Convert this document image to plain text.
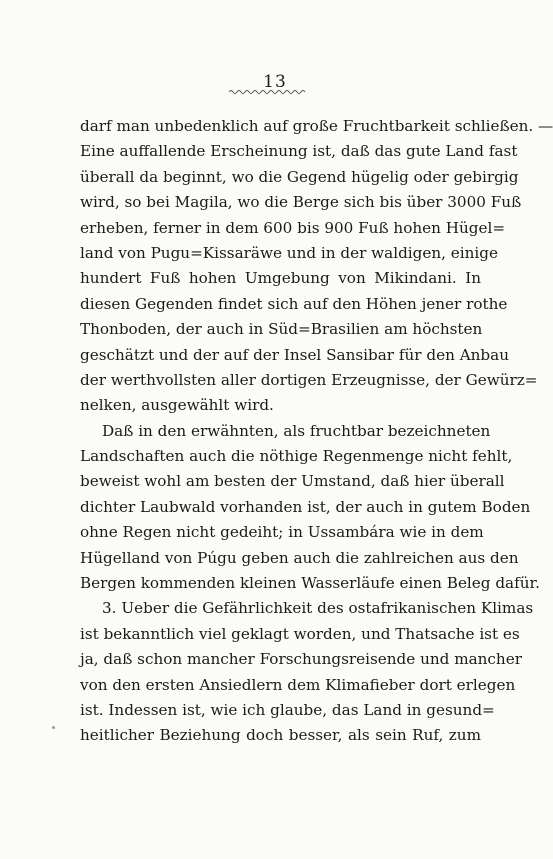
13
darf man unbedenklich auf große Fruchtbarkeit schließen. —
Eine auffallende Erscheinung ist, daß das gute Land fast
überall da beginnt, wo die Gegend hügelig oder gebirgig
wird, so bei Magila, wo die Berge sich bis über 3000 Fuß
erheben, ferner in dem 600 bis 900 Fuß hohen Hügel=
land von Pugu=Kissaräwe und in der waldigen, einige
hundert Fuß hohen Umgebung von Mikindani. In
diesen Gegenden findet sich auf den Höhen jener rothe
Thonboden, der auch in Süd=Brasilien am höchsten
geschätzt und der auf der Insel Sansibar für den Anbau
der werthvollsten aller dortigen Erzeugnisse, der Gewürz=
nelken, ausgewählt wird.
Daß in den erwähnten, als fruchtbar bezeichneten
Landschaften auch die nöthige Regenmenge nicht fehlt,
beweist wohl am besten der Umstand, daß hier überall
dichter Laubwald vorhanden ist, der auch in gutem Boden
ohne Regen nicht gedeiht; in Ussambára wie in dem
Hügelland von Púgu geben auch die zahlreichen aus den
Bergen kommenden kleinen Wasserläufe einen Beleg dafür.
3. Ueber die Gefährlichkeit des ostafrikanischen Klimas
ist bekanntlich viel geklagt worden, und Thatsache ist es
ja, daß schon mancher Forschungsreisende und mancher
von den ersten Ansiedlern dem Klimafieber dort erlegen
ist. Indessen ist, wie ich glaube, das Land in gesund=
heitlicher Beziehung doch besser, als sein Ruf, zum
